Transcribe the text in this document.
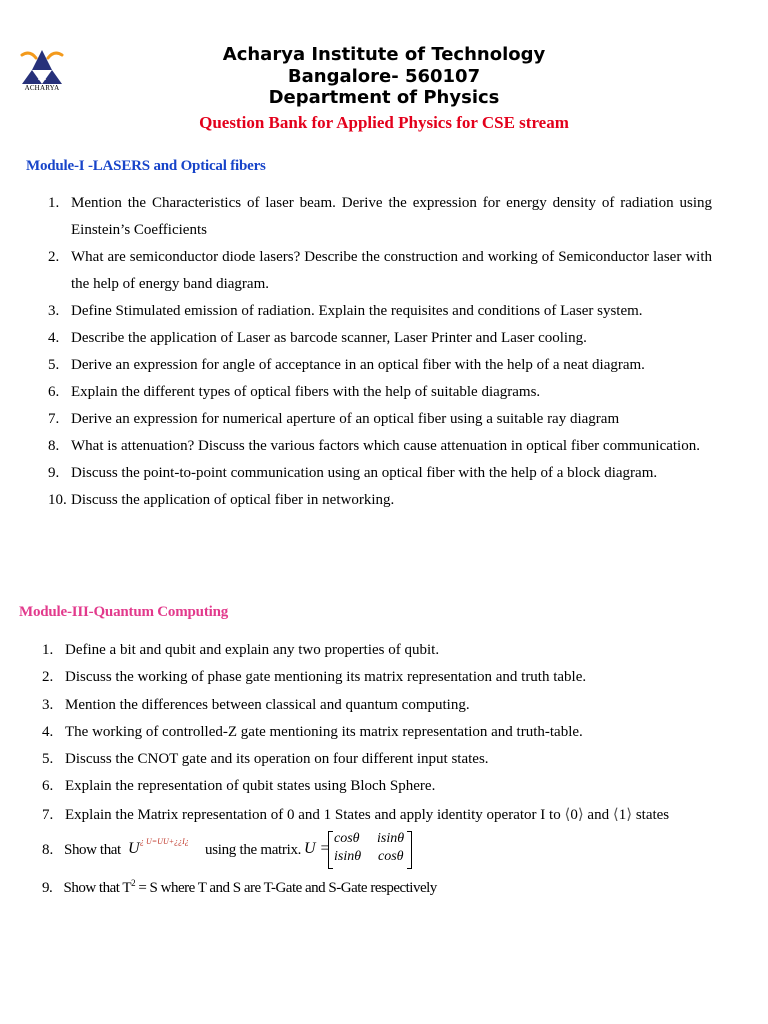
ACHARYA
Acharya Institute of Technology
Bangalore- 560107
Department of Physics
Question Bank for Applied Physics for CSE stream
Module-I -LASERS and Optical fibers
1. Mention the Characteristics of laser beam. Derive the expression for energy density of radiation using Einstein’s Coefficients
2. What are semiconductor diode lasers? Describe the construction and working of Semiconductor laser with the help of energy band diagram.
3. Define Stimulated emission of radiation. Explain the requisites and conditions of Laser system.
4. Describe the application of Laser as barcode scanner, Laser Printer and Laser cooling.
5. Derive an expression for angle of acceptance in an optical fiber with the help of a neat diagram.
6. Explain the different types of optical fibers with the help of suitable diagrams.
7. Derive an expression for numerical aperture of an optical fiber using a suitable ray diagram
8. What is attenuation? Discuss the various factors which cause attenuation in optical fiber communication.
9. Discuss the point-to-point communication using an optical fiber with the help of a block diagram.
10. Discuss the application of optical fiber in networking.
Module-III-Quantum Computing
1. Define a bit and qubit and explain any two properties of qubit.
2. Discuss the working of phase gate mentioning its matrix representation and truth table.
3. Mention the differences between classical and quantum computing.
4. The working of controlled-Z gate mentioning its matrix representation and truth-table.
5. Discuss the CNOT gate and its operation on four different input states.
6. Explain the representation of qubit states using Bloch Sphere.
7. Explain the Matrix representation of 0 and 1 States and apply identity operator I to ⟨0⟩ and ⟨1⟩ states
8. Show that U ¿ U=UU+¿¿I¿
using the matrix. U =
cosθ isinθ
isinθ cosθ
9. Show that $T^2 = S$ where T and S are T-Gate and S-Gate respectively
